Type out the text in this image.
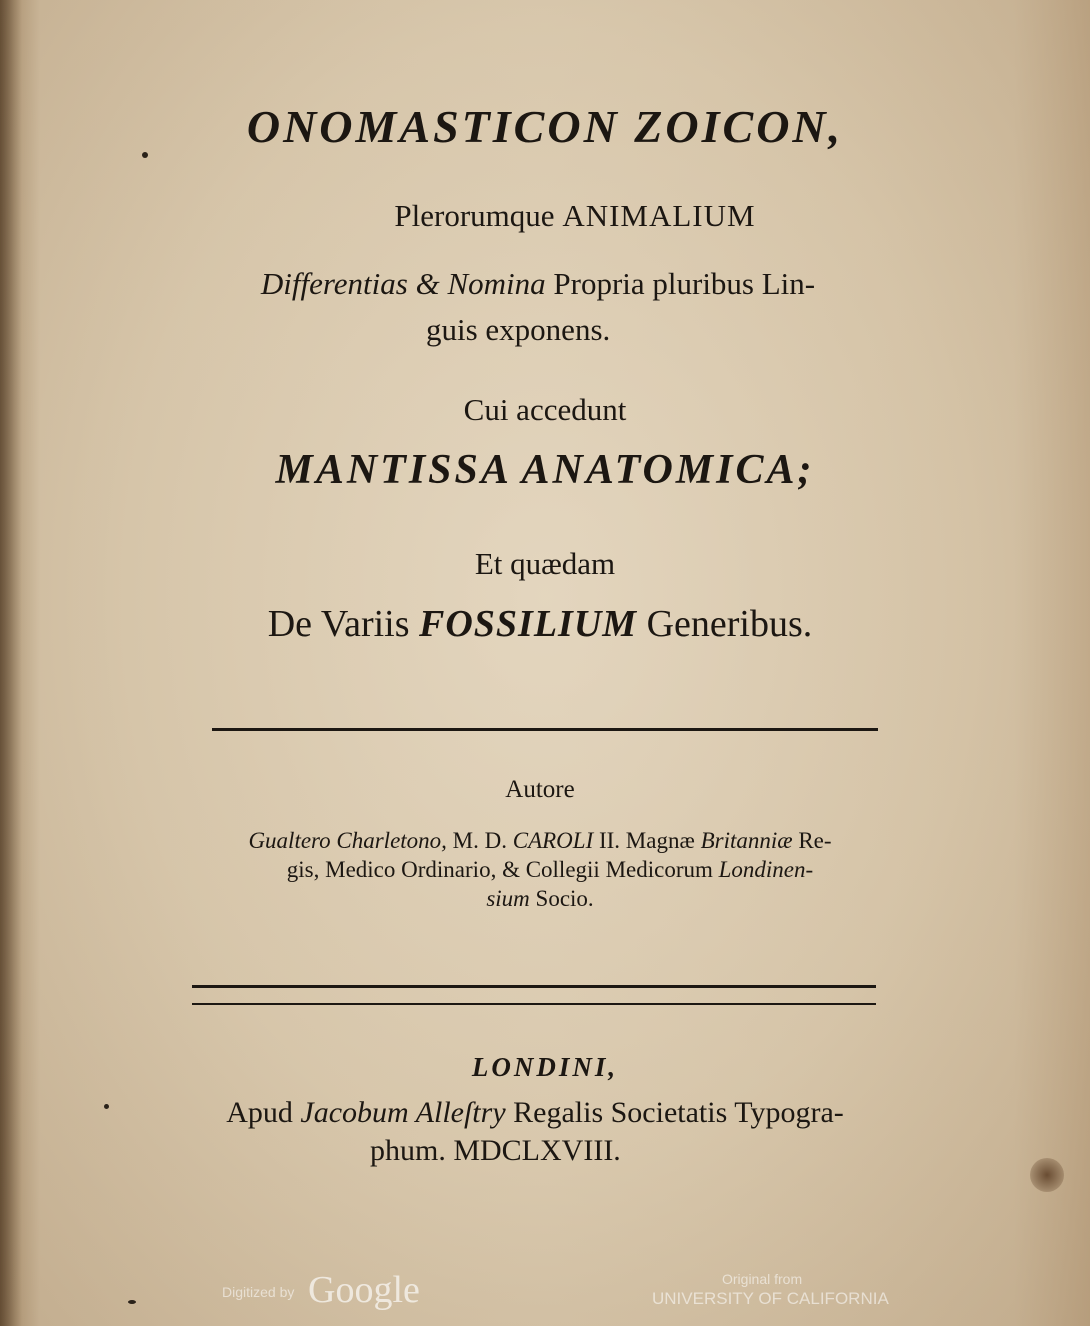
ONOMASTICON ZOICON,
Plerorumque ANIMALIUM
Differentias & Nomina Propria pluribus Lin-
guis exponens.
Cui accedunt
MANTISSA ANATOMICA;
Et quædam
De Variis FOSSILIUM Generibus.
Autore
Gualtero Charletono, M. D. CAROLI II. Magnæ Britanniæ Re-
gis, Medico Ordinario, & Collegii Medicorum Londinen-
sium Socio.
LONDINI,
Apud Jacobum Alleſtry Regalis Societatis Typogra-
phum. MDCLXVIII.
Digitized by Google	Original from
UNIVERSITY OF CALIFORNIA
